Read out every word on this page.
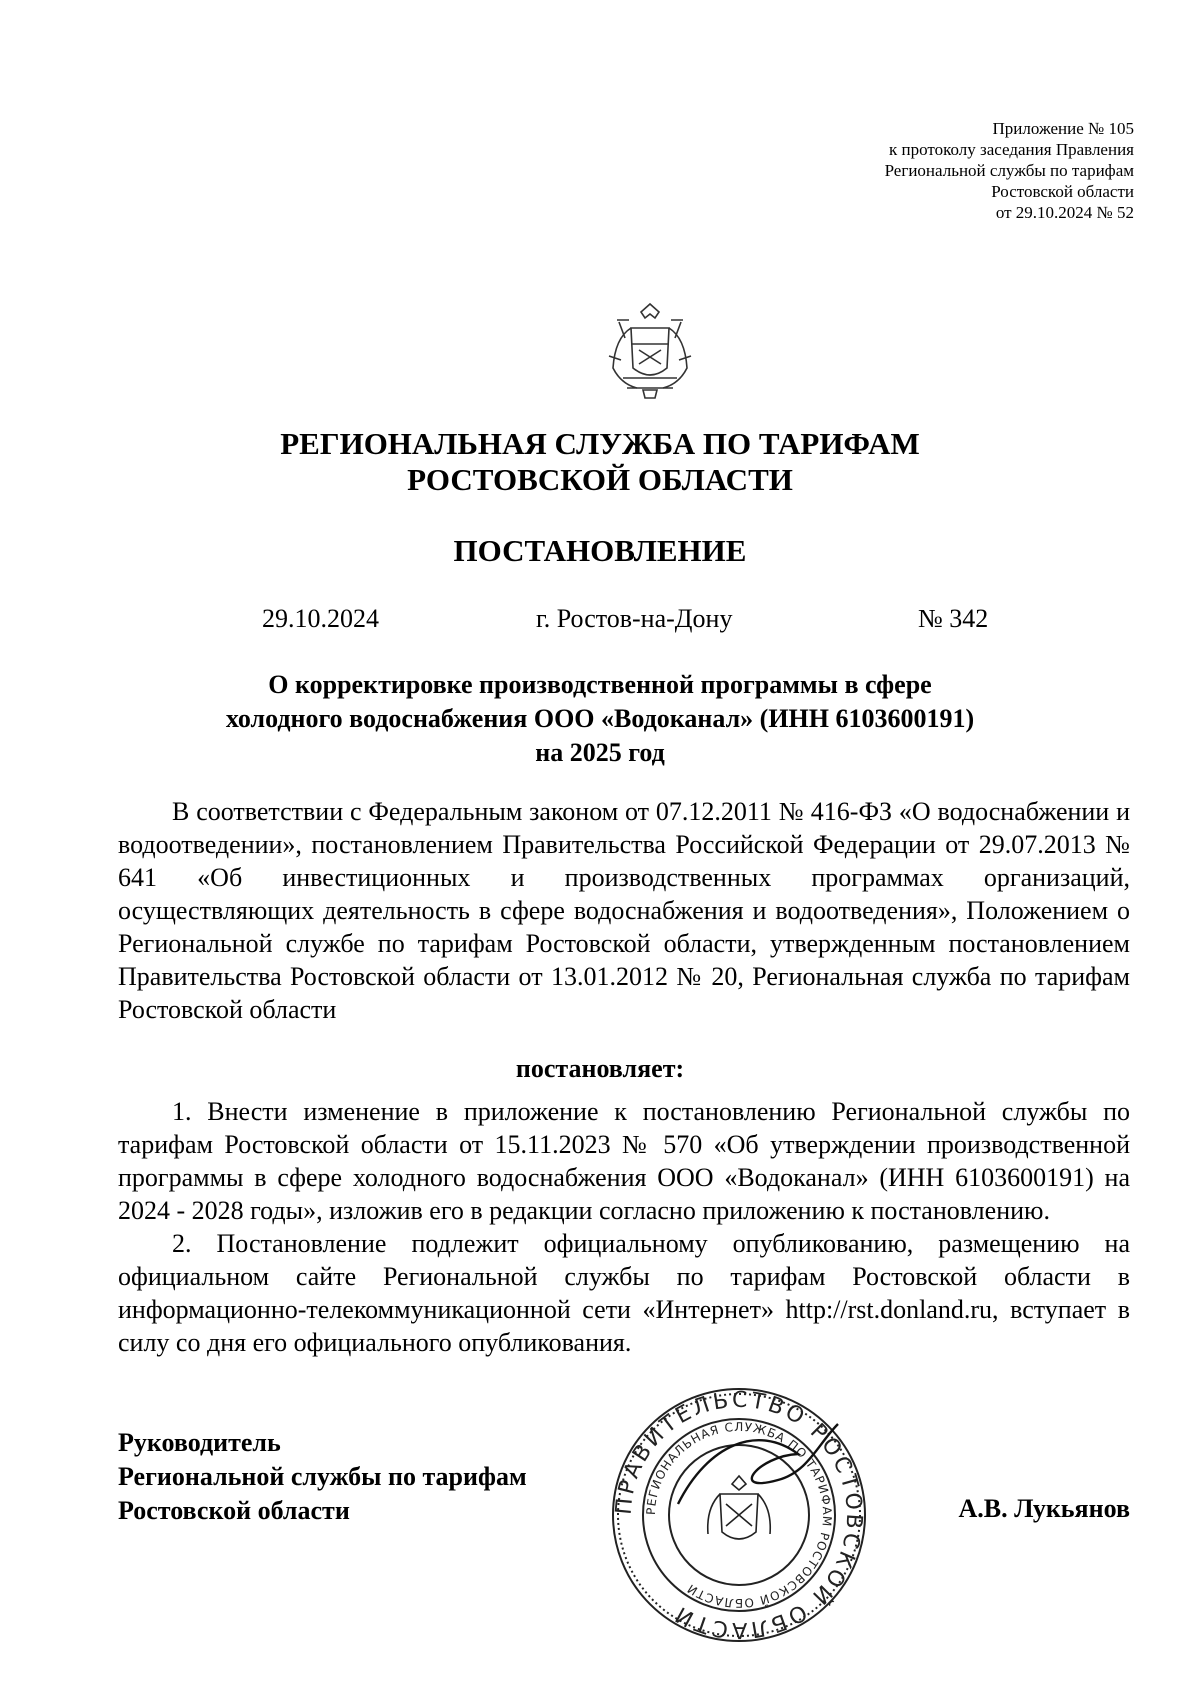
Приложение № 105
к протоколу заседания Правления
Региональной службы по тарифам
Ростовской области
от 29.10.2024 № 52
РЕГИОНАЛЬНАЯ СЛУЖБА ПО ТАРИФАМ
РОСТОВСКОЙ ОБЛАСТИ
ПОСТАНОВЛЕНИЕ
29.10.2024	г. Ростов-на-Дону	№ 342
О корректировке производственной программы в сфере
холодного водоснабжения ООО «Водоканал» (ИНН 6103600191)
на 2025 год

В соответствии с Федеральным законом от 07.12.2011 № 416-ФЗ «О водоснабжении и водоотведении», постановлением Правительства Российской Федерации от 29.07.2013 № 641 «Об инвестиционных и производственных программах организаций, осуществляющих деятельность в сфере водоснабжения и водоотведения», Положением о Региональной службе по тарифам Ростовской области, утвержденным постановлением Правительства Ростовской области от 13.01.2012 № 20, Региональная служба по тарифам Ростовской области

постановляет:

1. Внести изменение в приложение к постановлению Региональной службы по тарифам Ростовской области от 15.11.2023 № 570 «Об утверждении производственной программы в сфере холодного водоснабжения ООО «Водоканал» (ИНН 6103600191) на 2024 - 2028 годы», изложив его в редакции согласно приложению к постановлению.

2. Постановление подлежит официальному опубликованию, размещению на официальном сайте Региональной службы по тарифам Ростовской области в информационно-телекоммуникационной сети «Интернет» http://rst.donland.ru, вступает в силу со дня его официального опубликования.

Руководитель
Региональной службы по тарифам
Ростовской области	ПРАВИТЕЛЬСТВО РОСТОВСКОЙ ОБЛАСТИ
РЕГИОНАЛЬНАЯ СЛУЖБА ПО ТАРИФАМ РОСТОВСКОЙ ОБЛАСТИ
А.В. Лукьянов
